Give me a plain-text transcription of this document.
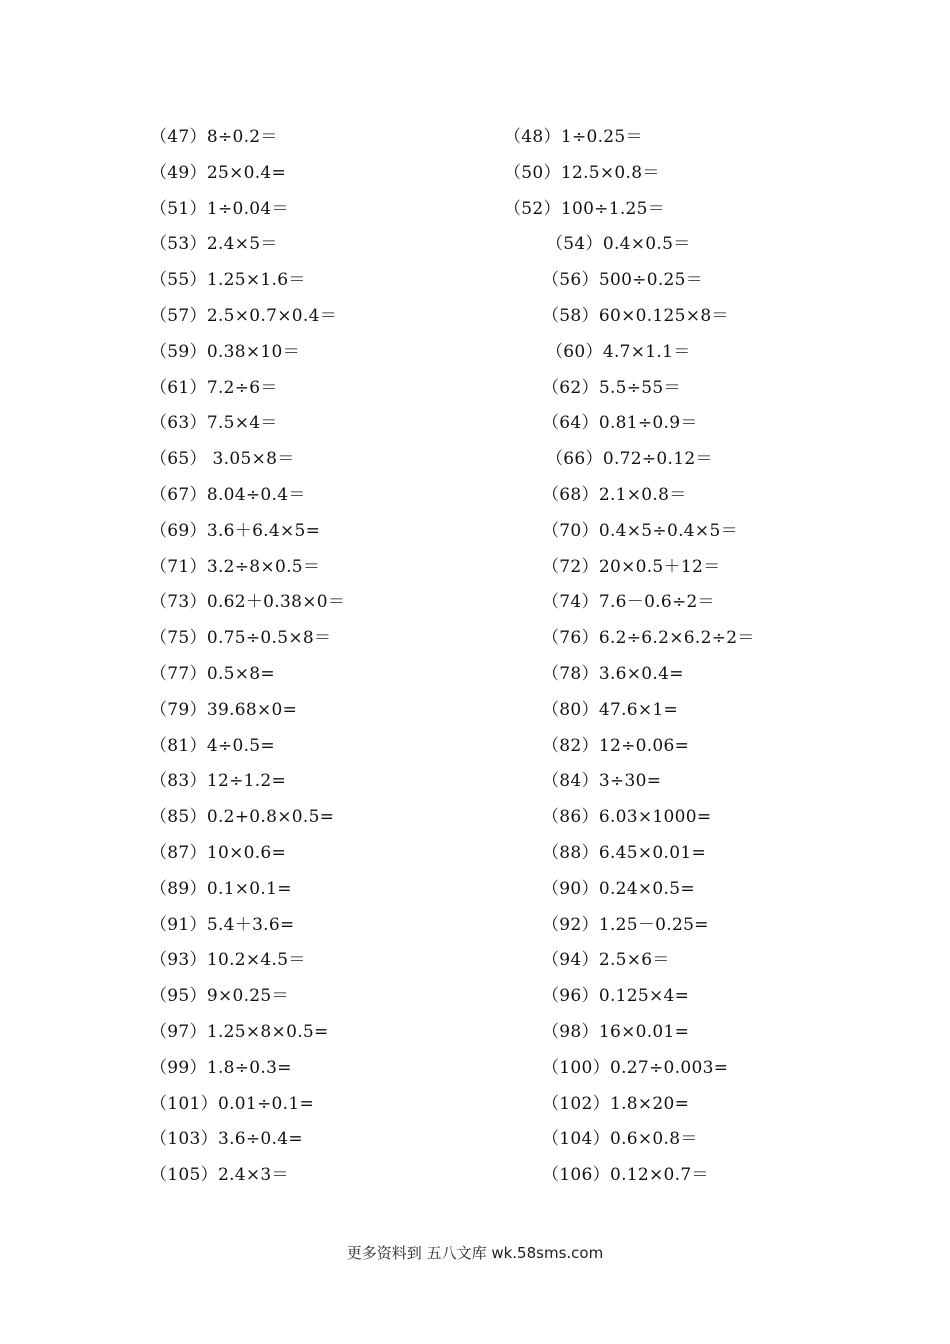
（47）8÷0.2＝
（49）25×0.4=
（51）1÷0.04＝
（53）2.4×5＝
（55）1.25×1.6＝
（57）2.5×0.7×0.4＝
（59）0.38×10＝
（61）7.2÷6＝
（63）7.5×4＝
（65） 3.05×8＝
（67）8.04÷0.4＝
（69）3.6＋6.4×5=
（71）3.2÷8×0.5＝
（73）0.62＋0.38×0＝
（75）0.75÷0.5×8＝
（77）0.5×8=
（79）39.68×0=
（81）4÷0.5=
（83）12÷1.2=
（85）0.2+0.8×0.5=
（87）10×0.6=
（89）0.1×0.1=
（91）5.4＋3.6=
（93）10.2×4.5＝
（95）9×0.25＝
（97）1.25×8×0.5=
（99）1.8÷0.3=
（101）0.01÷0.1=
（103）3.6÷0.4=
（105）2.4×3＝
（48）1÷0.25＝
（50）12.5×0.8＝
（52）100÷1.25＝
（54）0.4×0.5＝
（56）500÷0.25＝
（58）60×0.125×8＝
（60）4.7×1.1＝
（62）5.5÷55＝
（64）0.81÷0.9＝
（66）0.72÷0.12＝
（68）2.1×0.8＝
（70）0.4×5÷0.4×5＝
（72）20×0.5＋12＝
（74）7.6－0.6÷2＝
（76）6.2÷6.2×6.2÷2＝
（78）3.6×0.4=
（80）47.6×1=
（82）12÷0.06=
（84）3÷30=
（86）6.03×1000=
（88）6.45×0.01=
（90）0.24×0.5=
（92）1.25－0.25=
（94）2.5×6＝
（96）0.125×4=
（98）16×0.01=
（100）0.27÷0.003=
（102）1.8×20=
（104）0.6×0.8＝
（106）0.12×0.7＝
更多资料到 五八文库 wk.58sms.com
